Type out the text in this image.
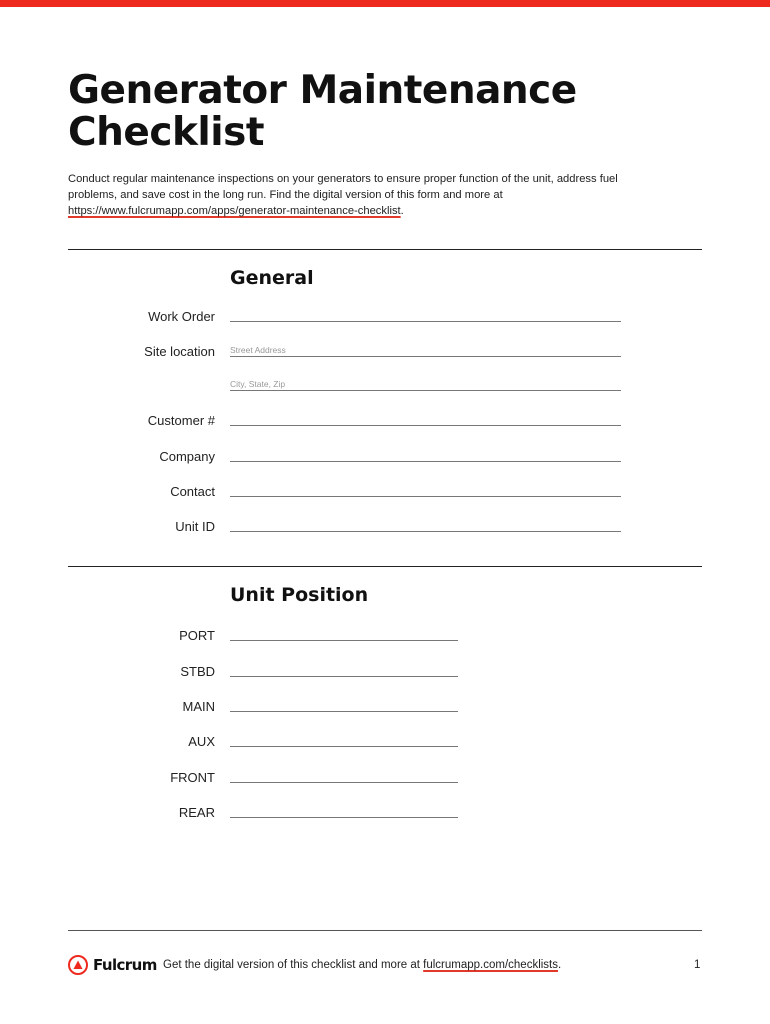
Generator Maintenance Checklist

Conduct regular maintenance inspections on your generators to ensure proper function of the unit, address fuel problems, and save cost in the long run. Find the digital version of this form and more at https://www.fulcrumapp.com/apps/generator-maintenance-checklist.

General
Work Order
Site location Street Address
City, State, Zip
Customer #
Company
Contact
Unit ID
Unit Position
PORT
STBD
MAIN
AUX
FRONT
REAR
Fulcrum Get the digital version of this checklist and more at fulcrumapp.com/checklists.	1
